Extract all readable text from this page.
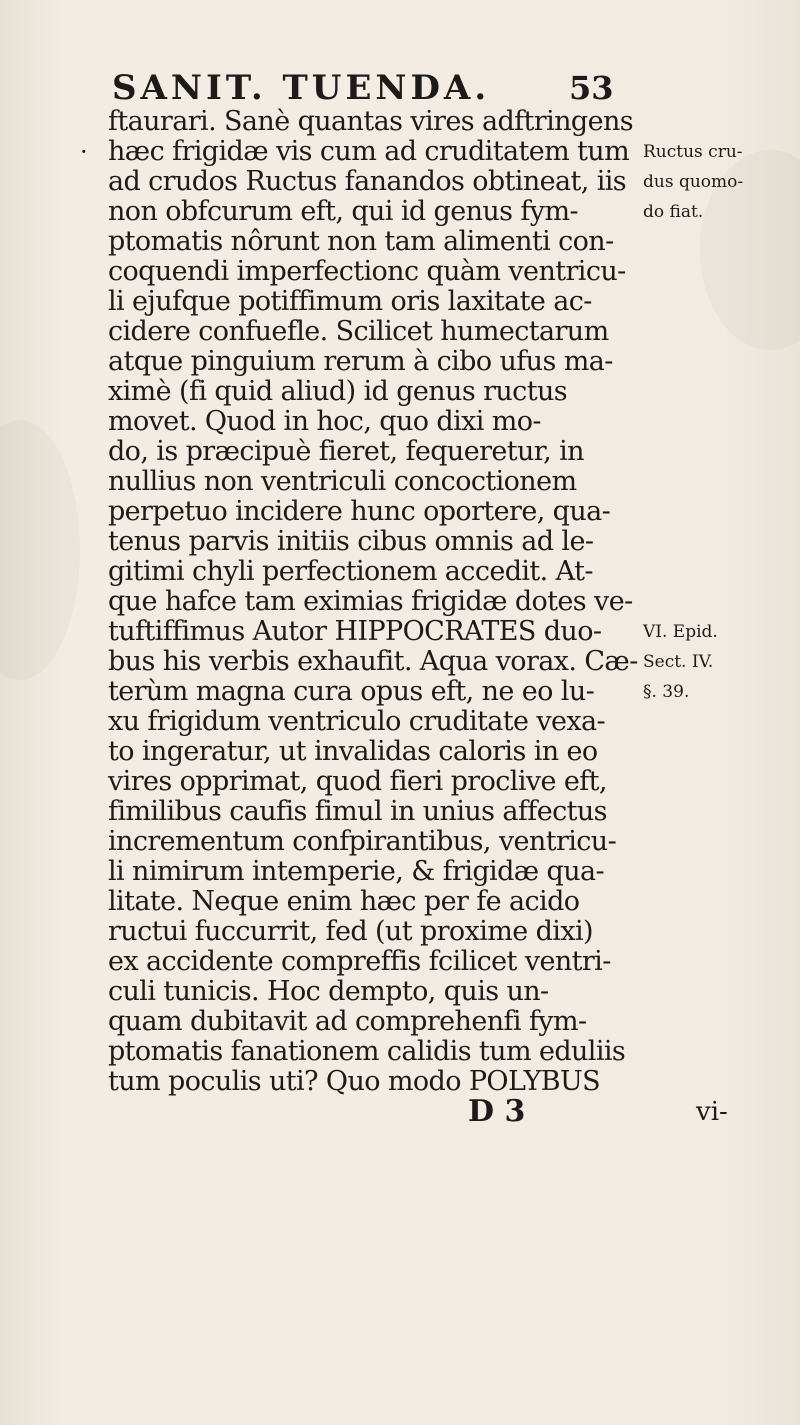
SANIT. TUENDA. 53
·
ftaurari. Sanè quantas vires adftringens
hæc frigidæ vis cum ad cruditatem tum
ad crudos Ructus fanandos obtineat, iis
non obfcurum eft, qui id genus fym-
ptomatis nôrunt non tam alimenti con-
coquendi imperfectionc quàm ventricu-
li ejufque potiffimum oris laxitate ac-
cidere confuefle. Scilicet humectarum
atque pinguium rerum à cibo ufus ma-
ximè (fi quid aliud) id genus ructus
movet. Quod in hoc, quo dixi mo-
do, is præcipuè fieret, fequeretur, in
nullius non ventriculi concoctionem
perpetuo incidere hunc oportere, qua-
tenus parvis initiis cibus omnis ad le-
gitimi chyli perfectionem accedit. At-
que hafce tam eximias frigidæ dotes ve-
tuftiffimus Autor HIPPOCRATES duo-
bus his verbis exhaufit. Aqua vorax. Cæ-
terùm magna cura opus eft, ne eo lu-
xu frigidum ventriculo cruditate vexa-
to ingeratur, ut invalidas caloris in eo
vires opprimat, quod fieri proclive eft,
fimilibus caufis fimul in unius affectus
incrementum confpirantibus, ventricu-
li nimirum intemperie, & frigidæ qua-
litate. Neque enim hæc per fe acido
ructui fuccurrit, fed (ut proxime dixi)
ex accidente compreffis fcilicet ventri-
culi tunicis. Hoc dempto, quis un-
quam dubitavit ad comprehenfi fym-
ptomatis fanationem calidis tum eduliis
tum poculis uti? Quo modo POLYBUS
Ructus cru-
dus quomo-
do fiat.
VI. Epid.
Sect. IV.
§. 39.
D 3	vi-
